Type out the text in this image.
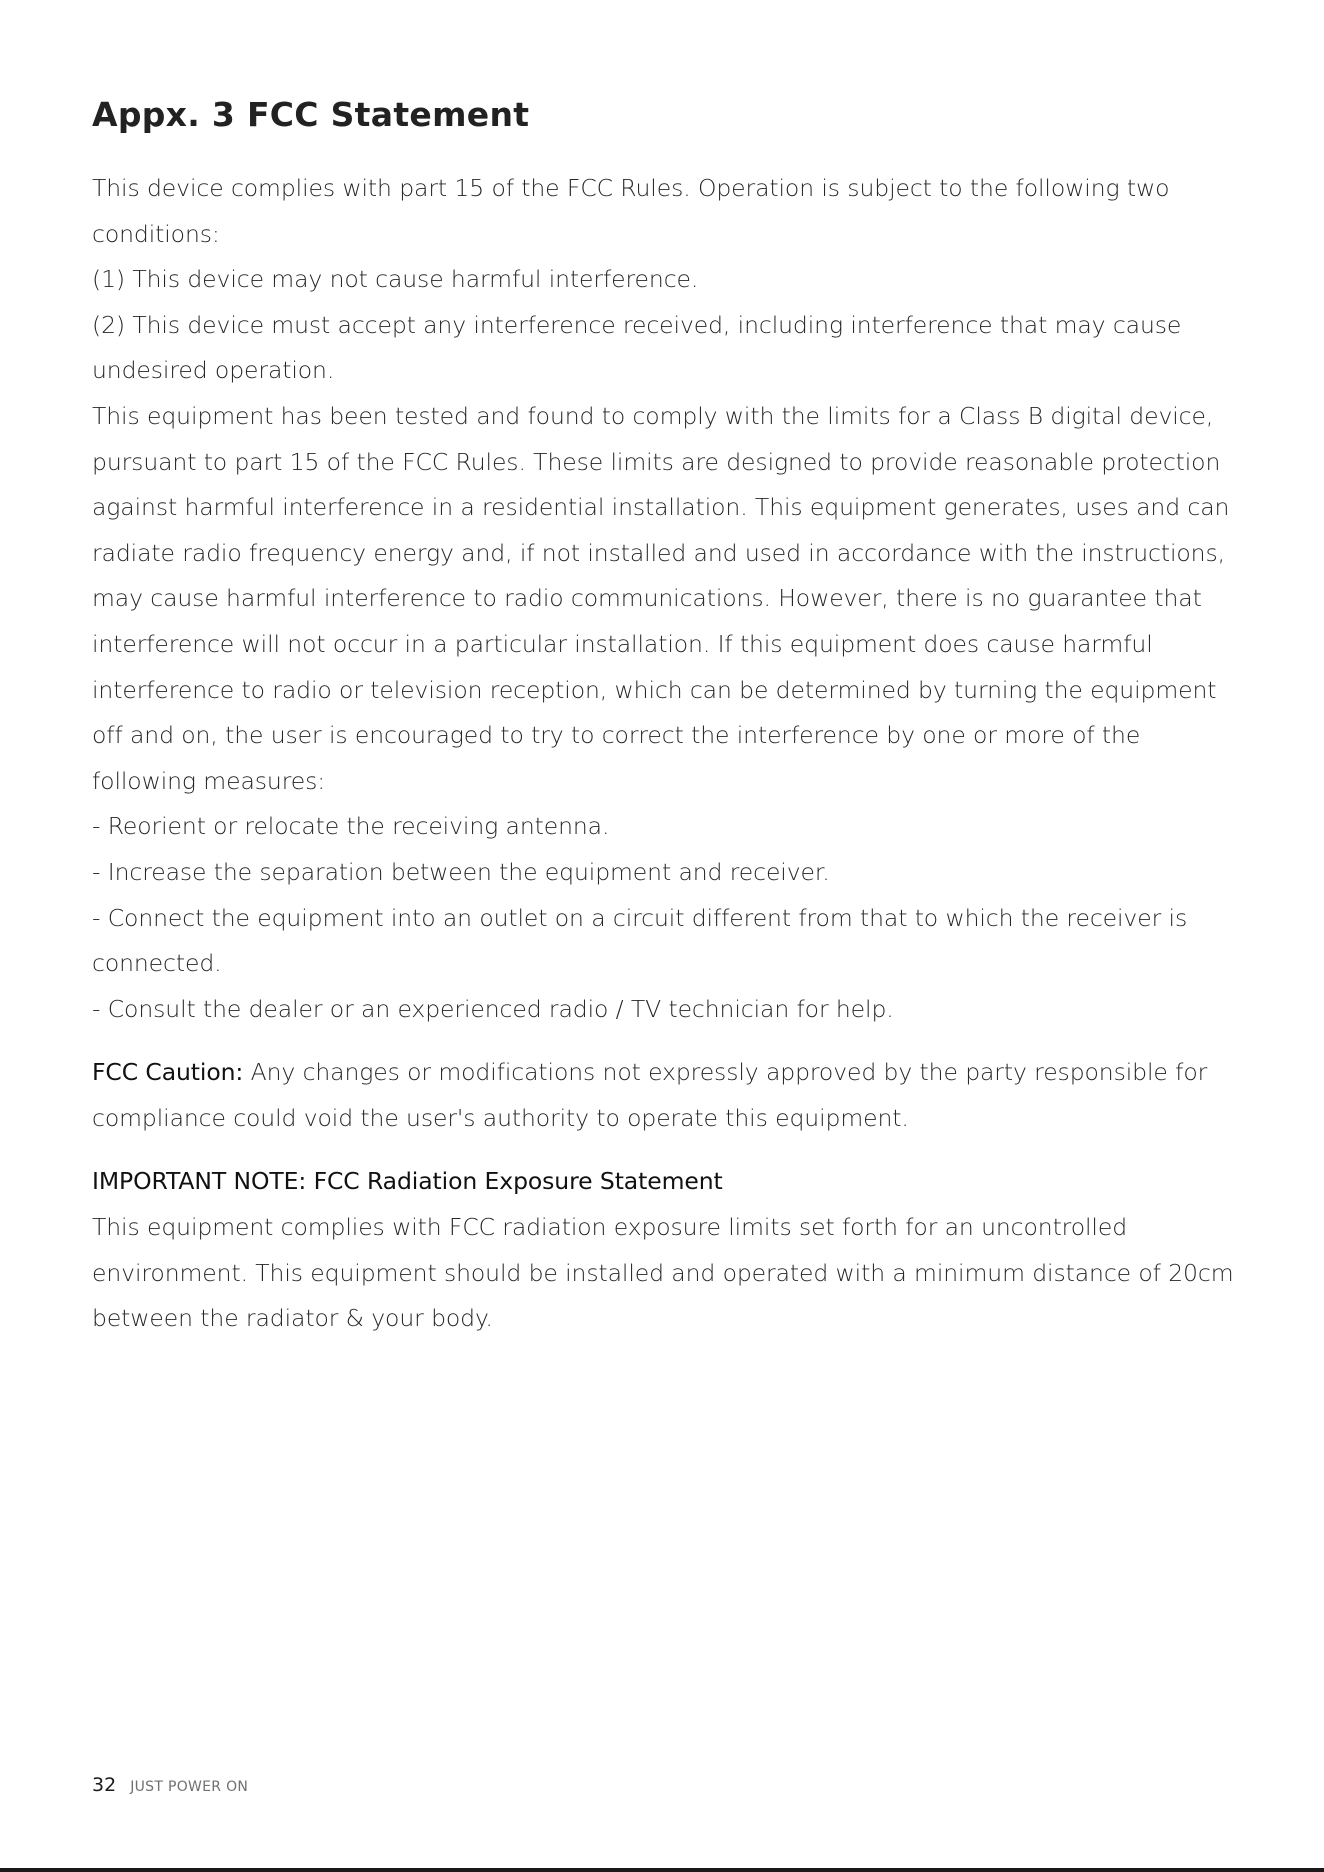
Appx. 3 FCC Statement

This device complies with part 15 of the FCC Rules. Operation is subject to the following two conditions:

(1) This device may not cause harmful interference.

(2) This device must accept any interference received, including interference that may cause undesired operation.

This equipment has been tested and found to comply with the limits for a Class B digital device, pursuant to part 15 of the FCC Rules. These limits are designed to provide reasonable protection against harmful interference in a residential installation. This equipment generates, uses and can radiate radio frequency energy and, if not installed and used in accordance with the instructions, may cause harmful interference to radio communications. However, there is no guarantee that interference will not occur in a particular installation. If this equipment does cause harmful interference to radio or television reception, which can be determined by turning the equipment off and on, the user is encouraged to try to correct the interference by one or more of the following measures:

- Reorient or relocate the receiving antenna.

- Increase the separation between the equipment and receiver.

- Connect the equipment into an outlet on a circuit different from that to which the receiver is connected.

- Consult the dealer or an experienced radio / TV technician for help.

FCC Caution: Any changes or modifications not expressly approved by the party responsible for compliance could void the user's authority to operate this equipment.

IMPORTANT NOTE: FCC Radiation Exposure Statement

This equipment complies with FCC radiation exposure limits set forth for an uncontrolled environment. This equipment should be installed and operated with a minimum distance of 20cm between the radiator & your body.

32 JUST POWER ON
